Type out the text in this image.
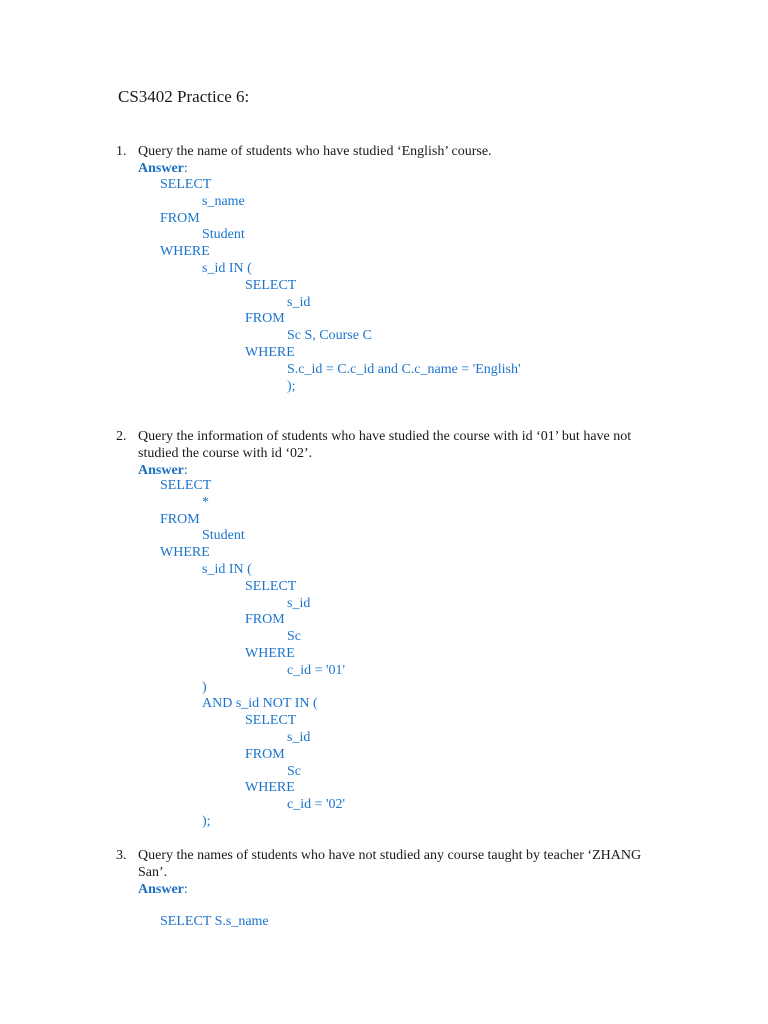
CS3402 Practice 6:
1. Query the name of students who have studied ‘English’ course.
Answer:
SELECT
s_name
FROM
Student
WHERE
s_id IN (
SELECT
s_id
FROM
Sc S, Course C
WHERE
S.c_id = C.c_id and C.c_name = 'English'
);
2. Query the information of students who have studied the course with id ‘01’ but have not
studied the course with id ‘02’.
Answer:
SELECT
*
FROM
Student
WHERE
s_id IN (
SELECT
s_id
FROM
Sc
WHERE
c_id = '01'
)
AND s_id NOT IN (
SELECT
s_id
FROM
Sc
WHERE
c_id = '02'
);
3. Query the names of students who have not studied any course taught by teacher ‘ZHANG
San’.
Answer:
SELECT S.s_name
